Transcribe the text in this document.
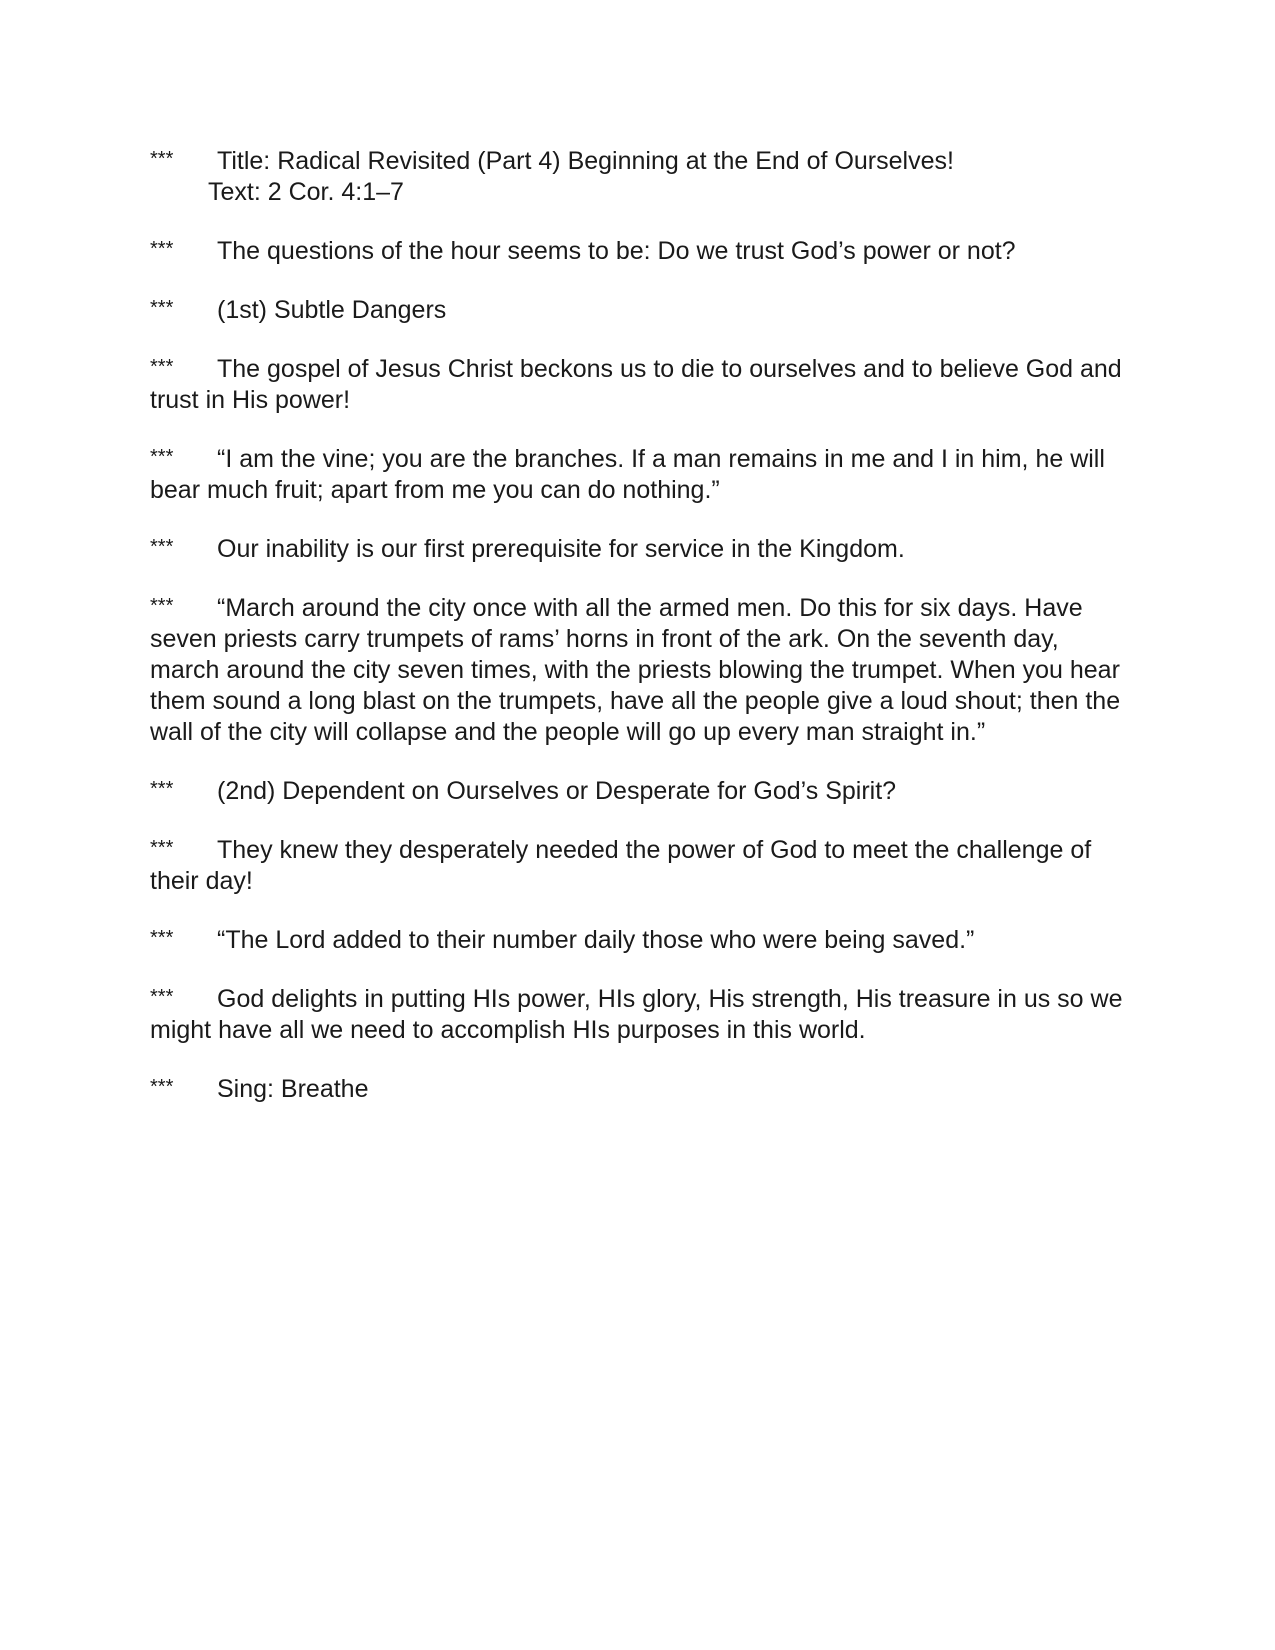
*** Title: Radical Revisited (Part 4) Beginning at the End of Ourselves!
Text: 2 Cor. 4:1–7
*** The questions of the hour seems to be: Do we trust God’s power or not?
*** (1st) Subtle Dangers
*** The gospel of Jesus Christ beckons us to die to ourselves and to believe God and trust in His power!
*** “I am the vine; you are the branches. If a man remains in me and I in him, he will bear much fruit; apart from me you can do nothing.”
*** Our inability is our first prerequisite for service in the Kingdom.
*** “March around the city once with all the armed men. Do this for six days. Have seven priests carry trumpets of rams’ horns in front of the ark. On the seventh day, march around the city seven times, with the priests blowing the trumpet. When you hear them sound a long blast on the trumpets, have all the people give a loud shout; then the wall of the city will collapse and the people will go up every man straight in.”
*** (2nd) Dependent on Ourselves or Desperate for God’s Spirit?
*** They knew they desperately needed the power of God to meet the challenge of their day!
*** “The Lord added to their number daily those who were being saved.”
*** God delights in putting HIs power, HIs glory, His strength, His treasure in us so we might have all we need to accomplish HIs purposes in this world.
*** Sing: Breathe
